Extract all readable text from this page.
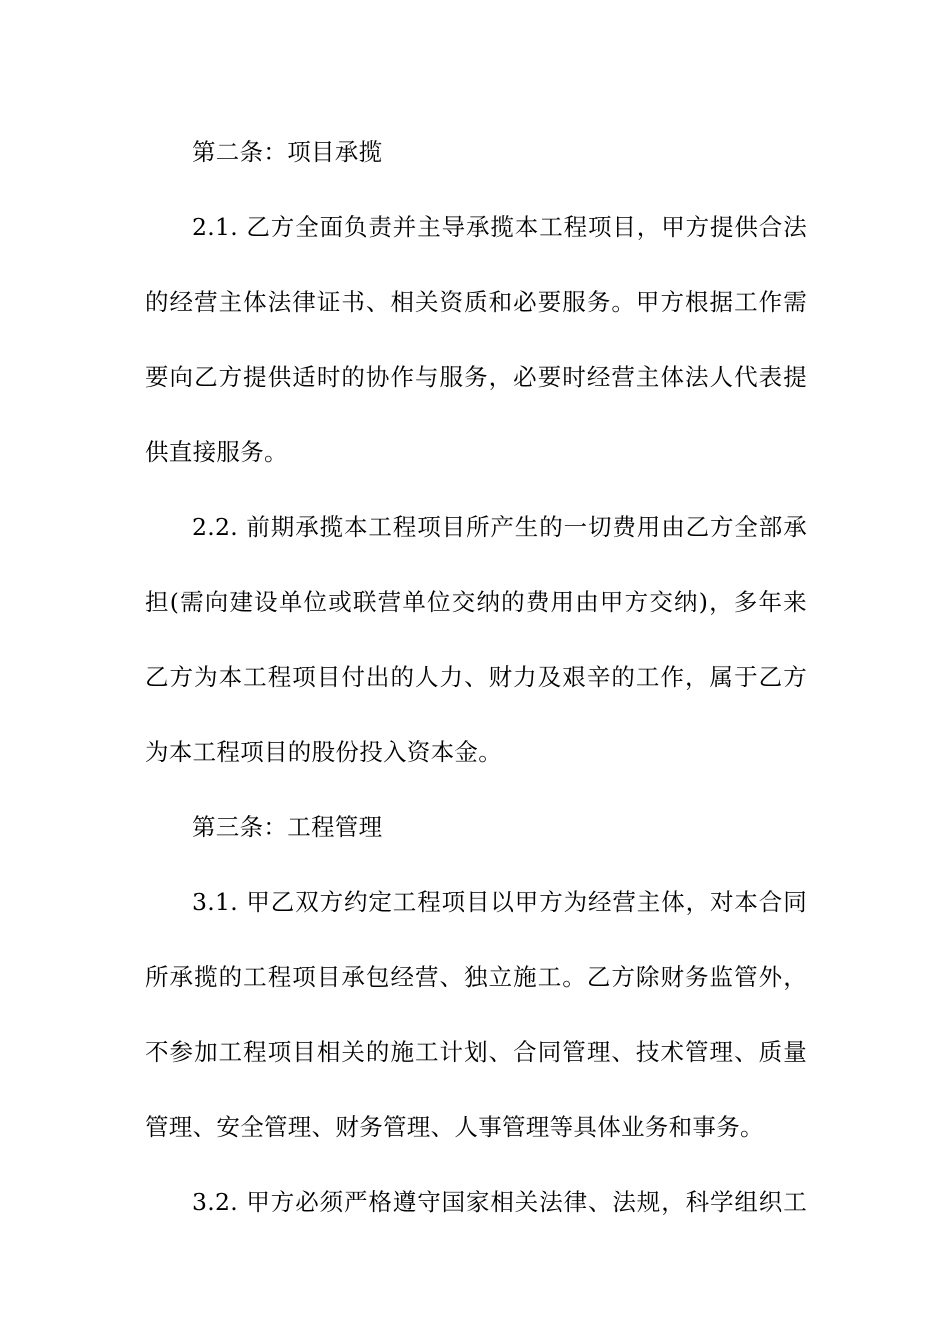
第二条：项目承揽
2.1. 乙方全面负责并主导承揽本工程项目，甲方提供合法
的经营主体法律证书、相关资质和必要服务。甲方根据工作需
要向乙方提供适时的协作与服务，必要时经营主体法人代表提
供直接服务。
2.2. 前期承揽本工程项目所产生的一切费用由乙方全部承
担(需向建设单位或联营单位交纳的费用由甲方交纳)，多年来
乙方为本工程项目付出的人力、财力及艰辛的工作，属于乙方
为本工程项目的股份投入资本金。
第三条：工程管理
3.1. 甲乙双方约定工程项目以甲方为经营主体，对本合同
所承揽的工程项目承包经营、独立施工。乙方除财务监管外，
不参加工程项目相关的施工计划、合同管理、技术管理、质量
管理、安全管理、财务管理、人事管理等具体业务和事务。
3.2. 甲方必须严格遵守国家相关法律、法规，科学组织工
